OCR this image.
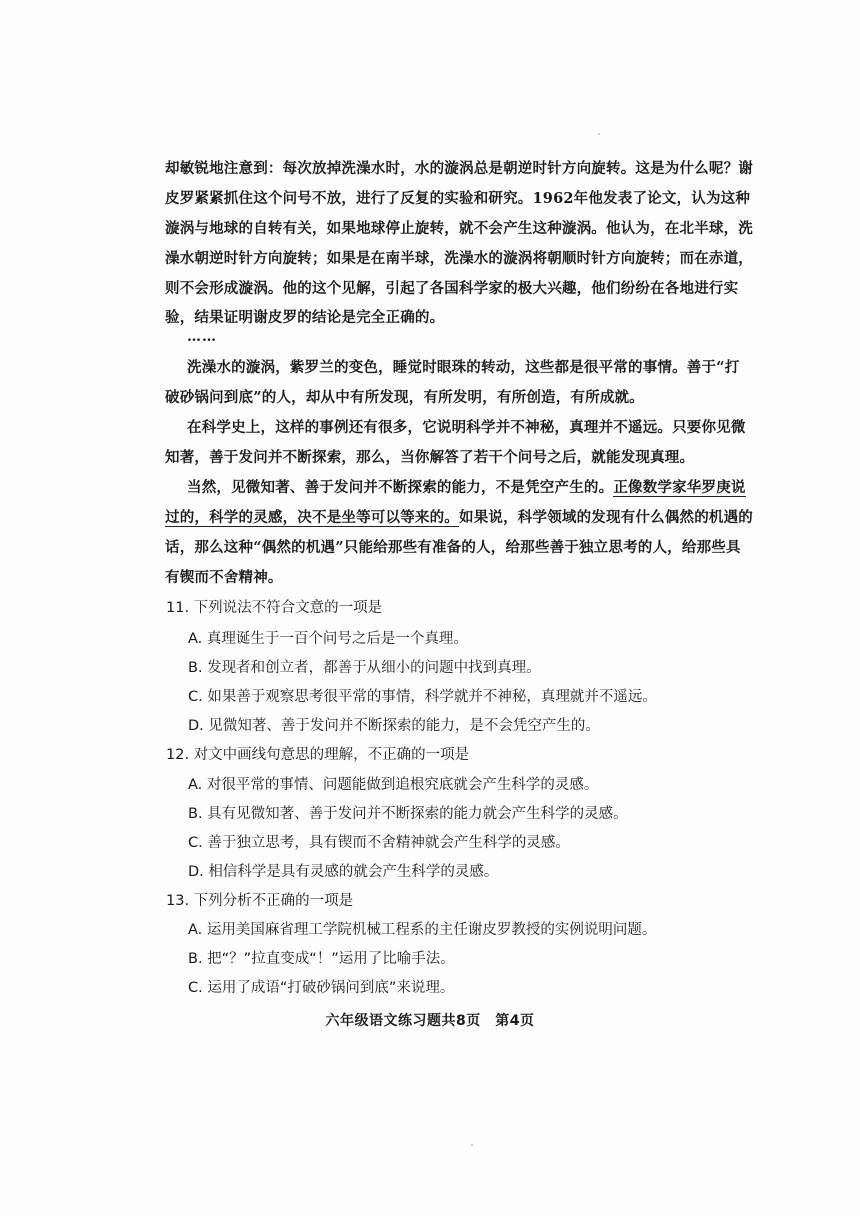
却敏锐地注意到：每次放掉洗澡水时，水的漩涡总是朝逆时针方向旋转。这是为什么呢？谢
皮罗紧紧抓住这个问号不放，进行了反复的实验和研究。1962年他发表了论文，认为这种
漩涡与地球的自转有关，如果地球停止旋转，就不会产生这种漩涡。他认为，在北半球，洗
澡水朝逆时针方向旋转；如果是在南半球，洗澡水的漩涡将朝顺时针方向旋转；而在赤道，
则不会形成漩涡。他的这个见解，引起了各国科学家的极大兴趣，他们纷纷在各地进行实
验，结果证明谢皮罗的结论是完全正确的。
……
洗澡水的漩涡，紫罗兰的变色，睡觉时眼珠的转动，这些都是很平常的事情。善于“打
破砂锅问到底”的人，却从中有所发现，有所发明，有所创造，有所成就。
在科学史上，这样的事例还有很多，它说明科学并不神秘，真理并不遥远。只要你见微
知著，善于发问并不断探索，那么，当你解答了若干个问号之后，就能发现真理。
当然，见微知著、善于发问并不断探索的能力，不是凭空产生的。正像数学家华罗庚说
过的，科学的灵感，决不是坐等可以等来的。如果说，科学领域的发现有什么偶然的机遇的
话，那么这种“偶然的机遇”只能给那些有准备的人，给那些善于独立思考的人，给那些具
有锲而不舍精神。
11. 下列说法不符合文意的一项是
A. 真理诞生于一百个问号之后是一个真理。
B. 发现者和创立者，都善于从细小的问题中找到真理。
C. 如果善于观察思考很平常的事情，科学就并不神秘，真理就并不遥远。
D. 见微知著、善于发问并不断探索的能力，是不会凭空产生的。
12. 对文中画线句意思的理解，不正确的一项是
A. 对很平常的事情、问题能做到追根究底就会产生科学的灵感。
B. 具有见微知著、善于发问并不断探索的能力就会产生科学的灵感。
C. 善于独立思考，具有锲而不舍精神就会产生科学的灵感。
D. 相信科学是具有灵感的就会产生科学的灵感。
13. 下列分析不正确的一项是
A. 运用美国麻省理工学院机械工程系的主任谢皮罗教授的实例说明问题。
B. 把“？”拉直变成“！”运用了比喻手法。
C. 运用了成语“打破砂锅问到底”来说理。
六年级语文练习题共8页　第4页
